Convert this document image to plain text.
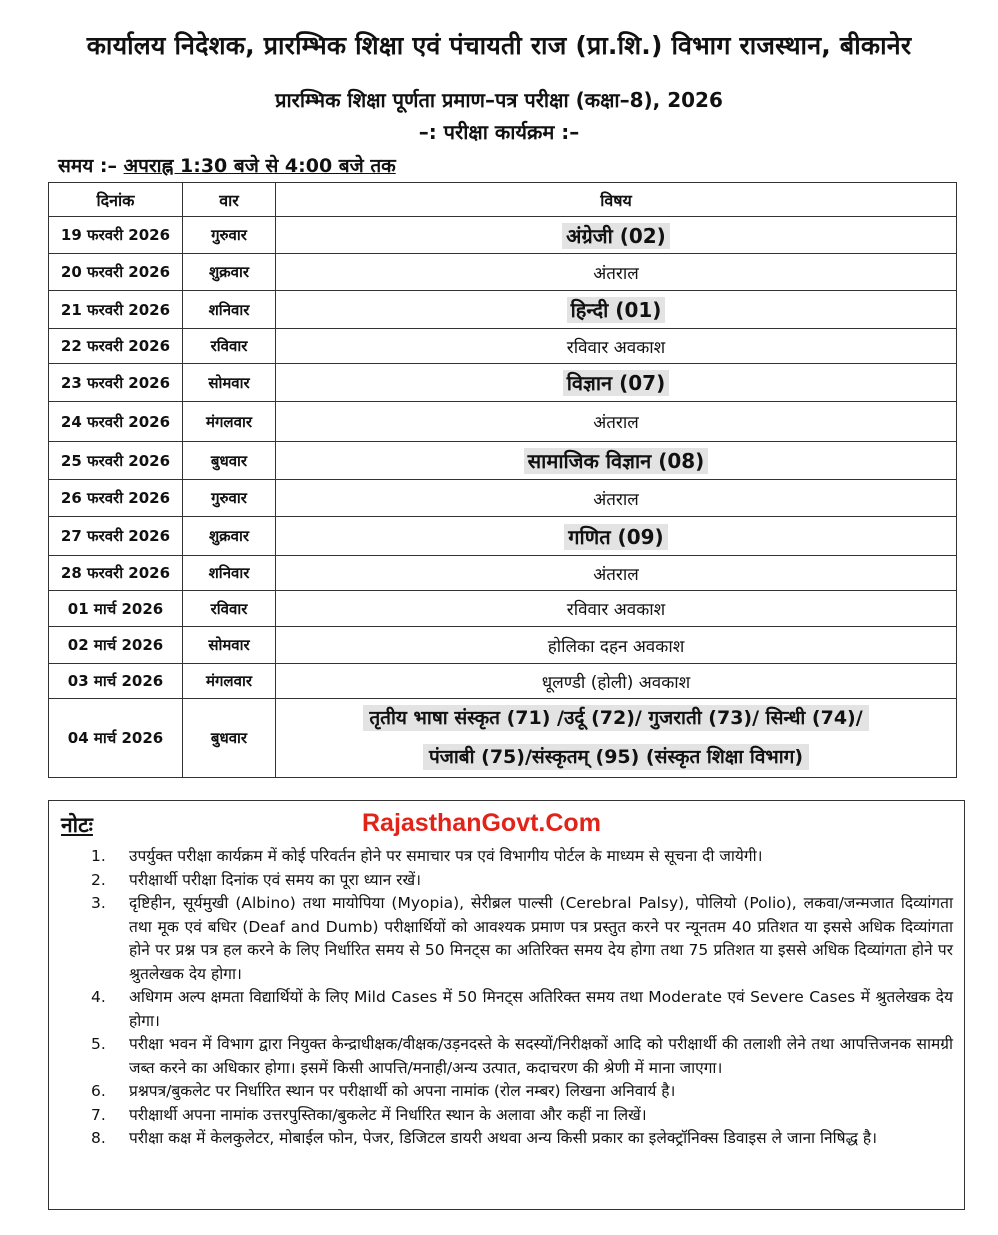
कार्यालय निदेशक, प्रारम्भिक शिक्षा एवं पंचायती राज (प्रा.शि.) विभाग राजस्थान, बीकानेर
प्रारम्भिक शिक्षा पूर्णता प्रमाण–पत्र परीक्षा (कक्षा–8), 2026
–: परीक्षा कार्यक्रम :–
समय :– अपराह्न 1:30 बजे से 4:00 बजे तक
दिनांक	वार	विषय
19 फरवरी 2026	गुरुवार	अंग्रेजी (02)
20 फरवरी 2026	शुक्रवार	अंतराल
21 फरवरी 2026	शनिवार	हिन्दी (01)
22 फरवरी 2026	रविवार	रविवार अवकाश
23 फरवरी 2026	सोमवार	विज्ञान (07)
24 फरवरी 2026	मंगलवार	अंतराल
25 फरवरी 2026	बुधवार	सामाजिक विज्ञान (08)
26 फरवरी 2026	गुरुवार	अंतराल
27 फरवरी 2026	शुक्रवार	गणित (09)
28 फरवरी 2026	शनिवार	अंतराल
01 मार्च 2026	रविवार	रविवार अवकाश
02 मार्च 2026	सोमवार	होलिका दहन अवकाश
03 मार्च 2026	मंगलवार	धूलण्डी (होली) अवकाश
04 मार्च 2026	बुधवार	तृतीय भाषा संस्कृत (71) /उर्दू (72)/ गुजराती (73)/ सिन्धी (74)/
पंजाबी (75)/संस्कृतम् (95) (संस्कृत शिक्षा विभाग)
नोटः	RajasthanGovt.Com
1. उपर्युक्त परीक्षा कार्यक्रम में कोई परिवर्तन होने पर समाचार पत्र एवं विभागीय पोर्टल के माध्यम से सूचना दी जायेगी।
2. परीक्षार्थी परीक्षा दिनांक एवं समय का पूरा ध्यान रखें।
3. दृष्टिहीन, सूर्यमुखी (Albino) तथा मायोपिया (Myopia), सेरीब्रल पाल्सी (Cerebral Palsy), पोलियो (Polio), लकवा/जन्मजात दिव्यांगता तथा मूक एवं बधिर (Deaf and Dumb) परीक्षार्थियों को आवश्यक प्रमाण पत्र प्रस्तुत करने पर न्यूनतम 40 प्रतिशत या इससे अधिक दिव्यांगता होने पर प्रश्न पत्र हल करने के लिए निर्धारित समय से 50 मिनट्स का अतिरिक्त समय देय होगा तथा 75 प्रतिशत या इससे अधिक दिव्यांगता होने पर श्रुतलेखक देय होगा।
4. अधिगम अल्प क्षमता विद्यार्थियों के लिए Mild Cases में 50 मिनट्स अतिरिक्त समय तथा Moderate एवं Severe Cases में श्रुतलेखक देय होगा।
5. परीक्षा भवन में विभाग द्वारा नियुक्त केन्द्राधीक्षक/वीक्षक/उड़नदस्ते के सदस्यों/निरीक्षकों आदि को परीक्षार्थी की तलाशी लेने तथा आपत्तिजनक सामग्री जब्त करने का अधिकार होगा। इसमें किसी आपत्ति/मनाही/अन्य उत्पात, कदाचरण की श्रेणी में माना जाएगा।
6. प्रश्नपत्र/बुकलेट पर निर्धारित स्थान पर परीक्षार्थी को अपना नामांक (रोल नम्बर) लिखना अनिवार्य है।
7. परीक्षार्थी अपना नामांक उत्तरपुस्तिका/बुकलेट में निर्धारित स्थान के अलावा और कहीं ना लिखें।
8. परीक्षा कक्ष में केलकुलेटर, मोबाईल फोन, पेजर, डिजिटल डायरी अथवा अन्य किसी प्रकार का इलेक्ट्रॉनिक्स डिवाइस ले जाना निषिद्ध है।
